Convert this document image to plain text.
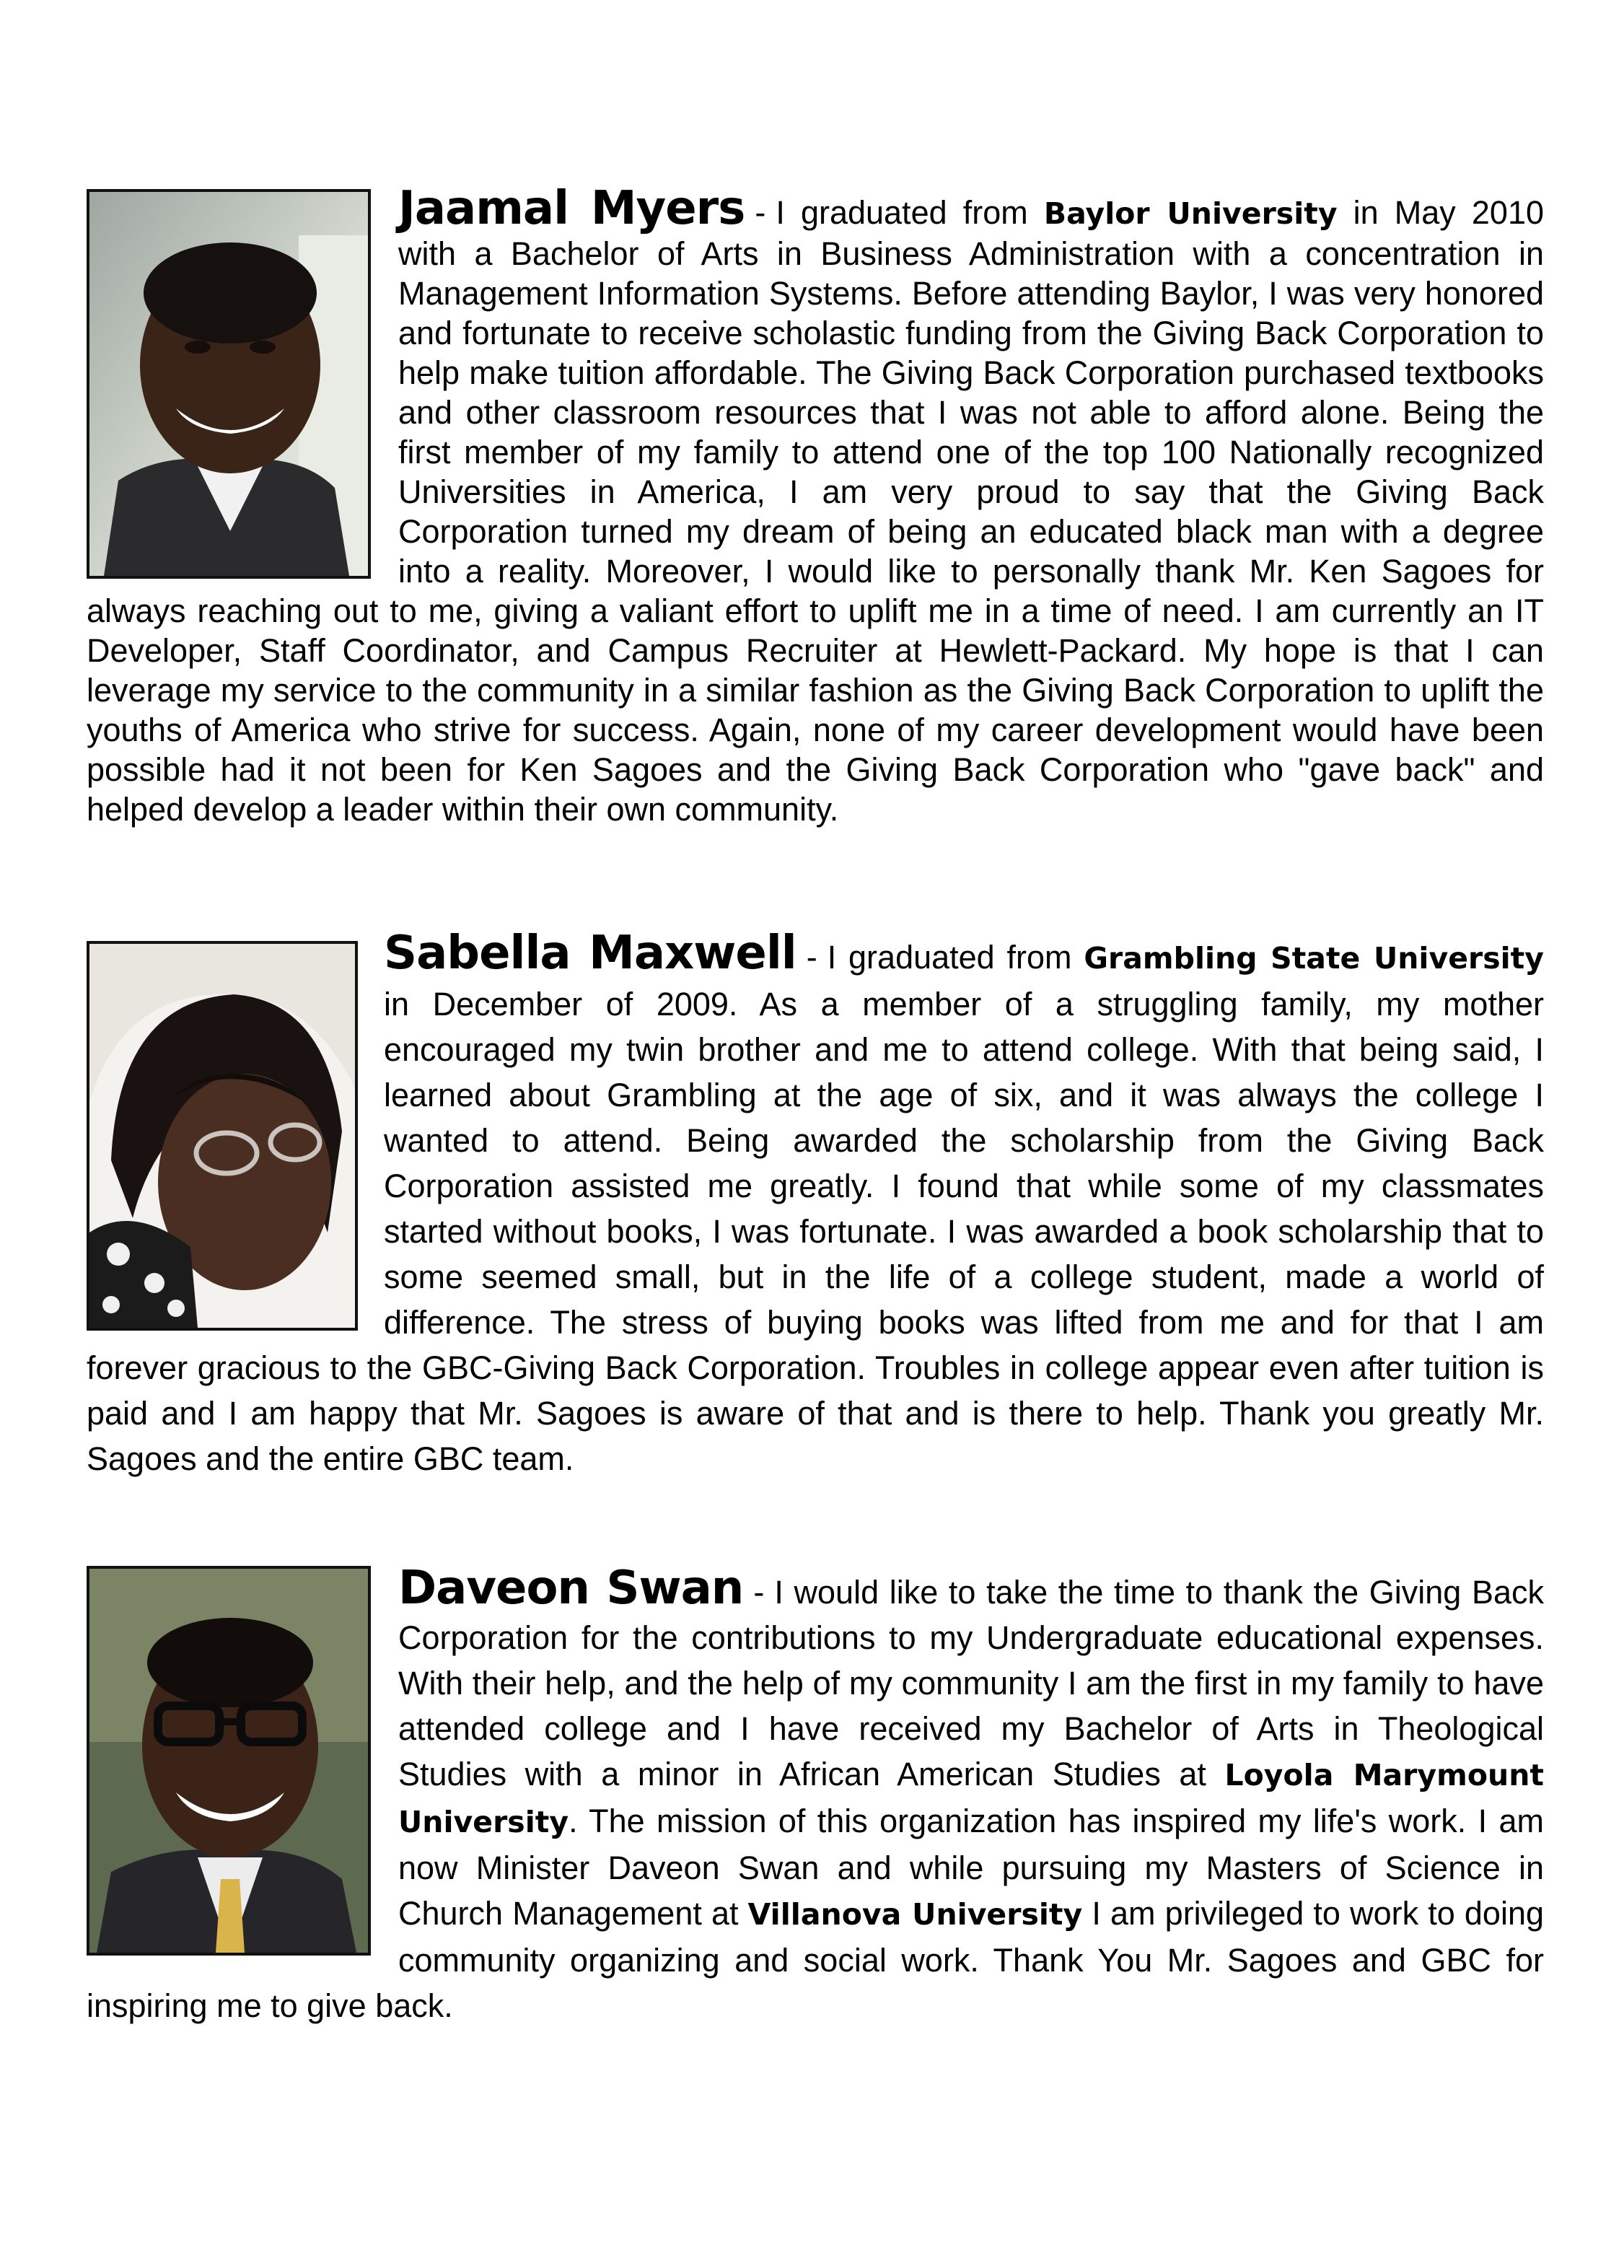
Jaamal Myers - I graduated from Baylor University
in May 2010 with a Bachelor of Arts in Business Administration with a concentration in Management Information Systems. Before attending Baylor, I was very honored and fortunate to receive scholastic funding from the Giving Back Corporation to help make tuition affordable. The Giving Back Corporation purchased textbooks and other classroom resources that I was not able to afford alone. Being the first member of my family to attend one of the top 100 Nationally recognized Universities in America, I am very proud to say that the Giving Back Corporation turned my dream of being an educated black man with a degree into a reality. Moreover, I would like to personally thank Mr. Ken Sagoes for always reaching out to me, giving a valiant effort to uplift me in a time of need. I am currently an IT Developer, Staff Coordinator, and Campus Recruiter at Hewlett-Packard. My hope is that I can leverage my service to the community in a similar fashion as the Giving Back Corporation to uplift the youths of America who strive for success. Again, none of my career development would have been possible had it not been for Ken Sagoes and the Giving Back Corporation who "gave back" and helped develop a leader within their own community.

Sabella Maxwell - I graduated from Grambling State University
in December of 2009. As a member of a struggling family, my mother encouraged my twin brother and me to attend college. With that being said, I learned about Grambling at the age of six, and it was always the college I wanted to attend. Being awarded the scholarship from the Giving Back Corporation assisted me greatly. I found that while some of my classmates started without books, I was fortunate. I was awarded a book scholarship that to some seemed small, but in the life of a college student, made a world of difference. The stress of buying books was lifted from me and for that I am forever gracious to the GBC-Giving Back Corporation. Troubles in college appear even after tuition is paid and I am happy that Mr. Sagoes is aware of that and is there to help. Thank you greatly Mr. Sagoes and the entire GBC team.

Daveon Swan - I would like to take the time to thank the Giving Back Corporation for the contributions to my Undergraduate educational expenses. With their help, and the help of my community I am the first in my family to have attended college and I have received my Bachelor of Arts in Theological Studies with a minor in African American Studies at Loyola Marymount University. The mission of this organization has inspired my life's work. I am now Minister Daveon Swan and while pursuing my Masters of Science in Church Management at Villanova University I am privileged to work to doing community organizing and social work. Thank You Mr. Sagoes and GBC for inspiring me to give back.
